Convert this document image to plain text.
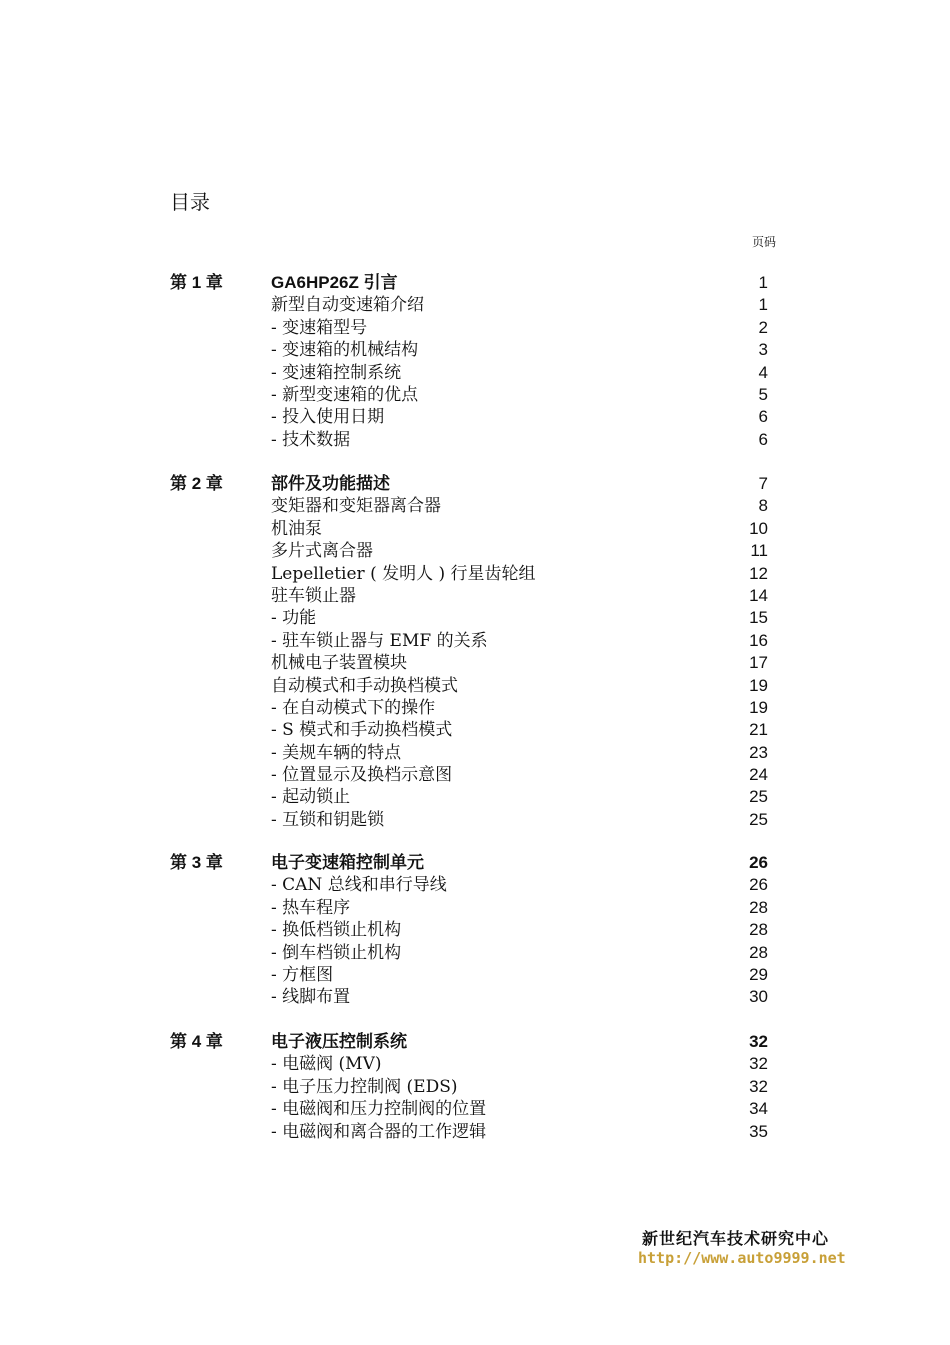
目录
页码
第 1 章	GA6HP26Z 引言	1
新型自动变速箱介绍	1
- 变速箱型号	2
- 变速箱的机械结构	3
- 变速箱控制系统	4
- 新型变速箱的优点	5
- 投入使用日期	6
- 技术数据	6
第 2 章	部件及功能描述	7
变矩器和变矩器离合器	8
机油泵	10
多片式离合器	11
Lepelletier ( 发明人 ) 行星齿轮组	12
驻车锁止器	14
- 功能	15
- 驻车锁止器与 EMF 的关系	16
机械电子装置模块	17
自动模式和手动换档模式	19
- 在自动模式下的操作	19
- S 模式和手动换档模式	21
- 美规车辆的特点	23
- 位置显示及换档示意图	24
- 起动锁止	25
- 互锁和钥匙锁	25
第 3 章	电子变速箱控制单元	26
- CAN 总线和串行导线	26
- 热车程序	28
- 换低档锁止机构	28
- 倒车档锁止机构	28
- 方框图	29
- 线脚布置	30
第 4 章	电子液压控制系统	32
- 电磁阀 (MV)	32
- 电子压力控制阀 (EDS)	32
- 电磁阀和压力控制阀的位置	34
- 电磁阀和离合器的工作逻辑	35
新世纪汽车技术研究中心
http://www.auto9999.net
